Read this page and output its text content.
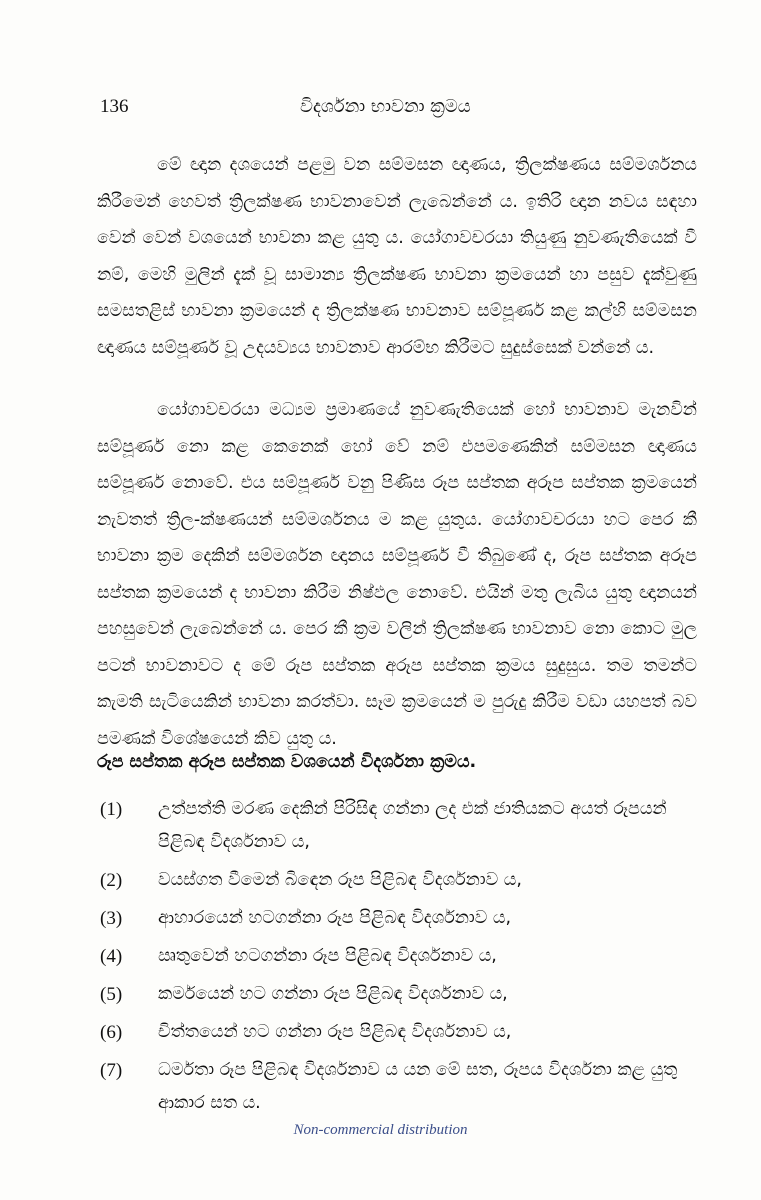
136	විදර්ශනා භාවනා ක්‍රමය

මේ ඥාන දශයෙන් පළමු වන සම්මසන ඥාණය, ත්‍රිලක්ෂණය සම්මර්ශනය කිරීමෙන් හෙවත් ත්‍රිලක්ෂණ භාවනාවෙන් ලැබෙන්නේ ය. ඉතිරි ඥාන නවය සඳහා වෙන් වෙන් වශයෙන් භාවනා කළ යුතු ය. යෝගාවචරයා තියුණු නුවණැතියෙක් වී නම්, මෙහි මුලින් දැක් වූ සාමාන්‍ය ත්‍රිලක්ෂණ භාවනා ක්‍රමයෙන් හා පසුව දැක්වුණු සමසතළිස් භාවනා ක්‍රමයෙන් ද ත්‍රිලක්ෂණ භාවනාව සම්පූර්ණ කළ කල්හි සම්මසන ඥාණය සම්පූර්ණ වූ උදයව්‍යය භාවනාව ආරම්භ කිරීමට සුදුස්සෙක් වන්නේ ය.

යෝගාවචරයා මධ්‍යම ප්‍රමාණයේ නුවණැතියෙක් හෝ භාවනාව මැනවින් සම්පූර්ණ නො කළ කෙනෙක් හෝ වේ නම් එපමණෙකින් සම්මසන ඥාණය සම්පූර්ණ නොවේ. එය සම්පූර්ණ වනු පිණිස රූප සප්තක අරූප සප්තක ක්‍රමයෙන් නැවතත් ත්‍රිල-ක්ෂණයන් සම්මර්ශනය ම කළ යුතුය. යෝගාවචරයා හට පෙර කී භාවනා ක්‍රම දෙකින් සම්මර්ශන ඥානය සම්පූර්ණ වී තිබුණේ ද, රූප සප්තක අරූප සප්තක ක්‍රමයෙන් ද භාවනා කිරීම නිෂ්ඵල නොවේ. එයින් මතු ලැබිය යුතු ඥානයන් පහසුවෙන් ලැබෙන්නේ ය. පෙර කී ක්‍රම වලින් ත්‍රිලක්ෂණ භාවනාව නො කොට මුල පටන් භාවනාවට ද මේ රූප සප්තක අරූප සප්තක ක්‍රමය සුදුසුය. තම තමන්ට කැමති සැටියෙකින් භාවනා කරත්වා. සෑම ක්‍රමයෙන් ම පුරුදු කිරීම වඩා යහපත් බව පමණක් විශේෂයෙන් කිව යුතු ය.

රූප සප්තක අරූප සප්තක වශයෙන් විදර්ශනා ක්‍රමය.
(1) උත්පත්ති මරණ දෙකින් පිරිසිඳ ගන්නා ලද එක් ජාතියකට අයත් රූපයන් පිළිබඳ විදර්ශනාව ය,
(2) වයස්ගත වීමෙන් බිඳෙන රූප පිළිබඳ විදර්ශනාව ය,
(3) ආහාරයෙන් හටගන්නා රූප පිළිබඳ විදර්ශනාව ය,
(4) ඍතුවෙන් හටගන්නා රූප පිළිබඳ විදර්ශනාව ය,
(5) කර්මයෙන් හට ගන්නා රූප පිළිබඳ විදර්ශනාව ය,
(6) චිත්තයෙන් හට ගන්නා රූප පිළිබඳ විදර්ශනාව ය,
(7) ධර්මතා රූප පිළිබඳ විදර්ශනාව ය යන මේ සත, රූපය විදර්ශනා කළ යුතු ආකාර සත ය.
Non-commercial distribution
